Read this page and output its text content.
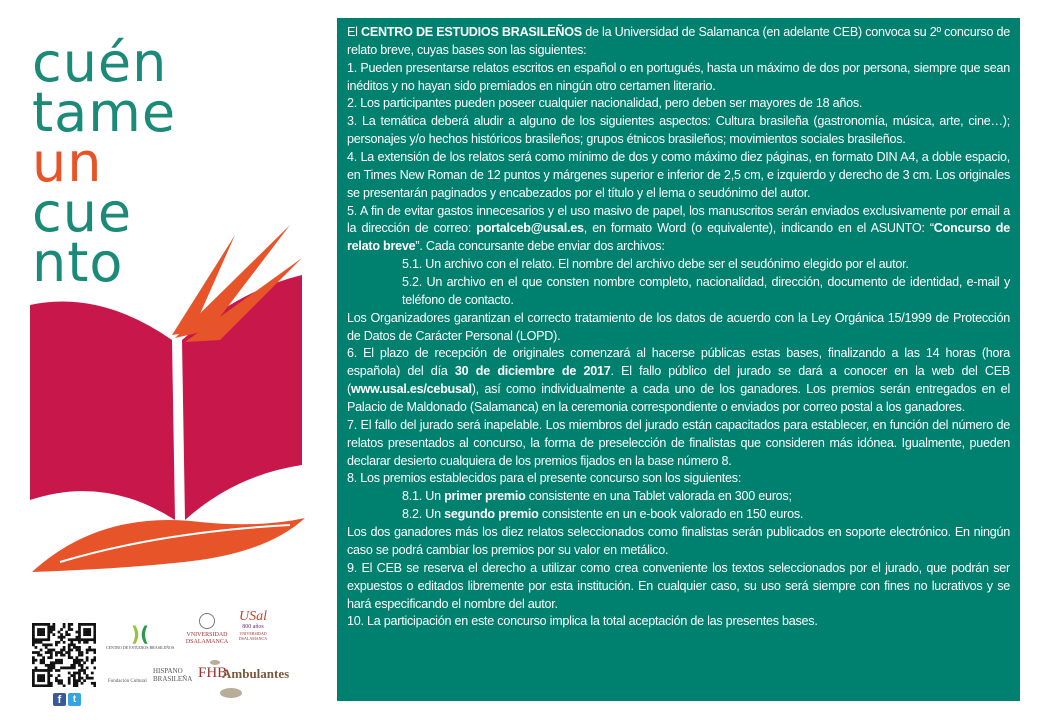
cuén
tame
un
cue
nto

El CENTRO DE ESTUDIOS BRASILEÑOS de la Universidad de Salamanca (en adelante CEB) convoca su 2º concurso de relato breve, cuyas bases son las siguientes:

1. Pueden presentarse relatos escritos en español o en portugués, hasta un máximo de dos por persona, siempre que sean inéditos y no hayan sido premiados en ningún otro certamen literario.

2. Los participantes pueden poseer cualquier nacionalidad, pero deben ser mayores de 18 años.

3. La temática deberá aludir a alguno de los siguientes aspectos: Cultura brasileña (gastronomía, música, arte, cine…); personajes y/o hechos históricos brasileños; grupos étnicos brasileños; movimientos sociales brasileños.

4. La extensión de los relatos será como mínimo de dos y como máximo diez páginas, en formato DIN A4, a doble espacio, en Times New Roman de 12 puntos y márgenes superior e inferior de 2,5 cm, e izquierdo y derecho de 3 cm. Los originales se presentarán paginados y encabezados por el título y el lema o seudónimo del autor.

5. A fin de evitar gastos innecesarios y el uso masivo de papel, los manuscritos serán enviados exclusivamente por email a la dirección de correo: portalceb@usal.es, en formato Word (o equivalente), indicando en el ASUNTO: “Concurso de relato breve”. Cada concursante debe enviar dos archivos:

5.1. Un archivo con el relato. El nombre del archivo debe ser el seudónimo elegido por el autor.

5.2. Un archivo en el que consten nombre completo, nacionalidad, dirección, documento de identidad, e-mail y teléfono de contacto.

Los Organizadores garantizan el correcto tratamiento de los datos de acuerdo con la Ley Orgánica 15/1999 de Protección de Datos de Carácter Personal (LOPD).

6. El plazo de recepción de originales comenzará al hacerse públicas estas bases, finalizando a las 14 horas (hora española) del día 30 de diciembre de 2017. El fallo público del jurado se dará a conocer en la web del CEB (www.usal.es/cebusal), así como individualmente a cada uno de los ganadores. Los premios serán entregados en el Palacio de Maldonado (Salamanca) en la ceremonia correspondiente o enviados por correo postal a los ganadores.

7. El fallo del jurado será inapelable. Los miembros del jurado están capacitados para establecer, en función del número de relatos presentados al concurso, la forma de preselección de finalistas que consideren más idónea. Igualmente, pueden declarar desierto cualquiera de los premios fijados en la base número 8.

8. Los premios establecidos para el presente concurso son los siguientes:

8.1. Un primer premio consistente en una Tablet valorada en 300 euros;

8.2. Un segundo premio consistente en un e-book valorado en 150 euros.

Los dos ganadores más los diez relatos seleccionados como finalistas serán publicados en soporte electrónico. En ningún caso se podrá cambiar los premios por su valor en metálico.

9. El CEB se reserva el derecho a utilizar como crea conveniente los textos seleccionados por el jurado, que podrán ser expuestos o editados libremente por esta institución. En cualquier caso, su uso será siempre con fines no lucrativos y se hará especificando el nombre del autor.

10. La participación en este concurso implica la total aceptación de las presentes bases.

f	t
)(
CENTRO DE ESTUDIOS BRASILEÑOS
VNIVERSIDAD
DSALAMANCA
USal
800 años
VNIVERSIDAD DSALAMANCA
Fundación Cultural
HISPANO
BRASILEÑA FHB
Ambulantes
